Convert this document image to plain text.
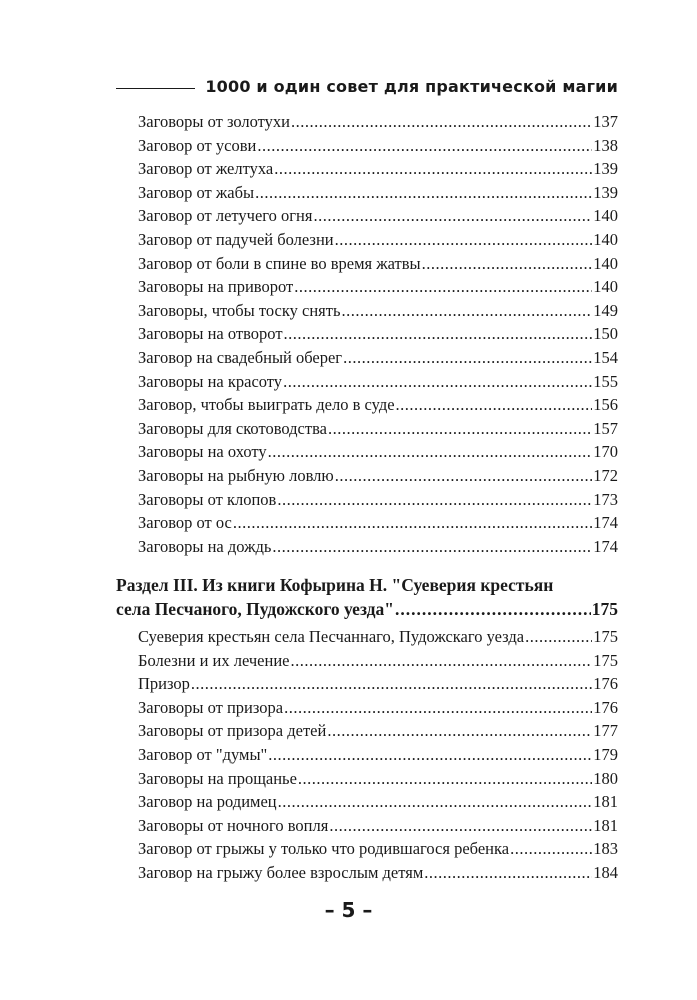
1000 и один совет для практической магии
Заговоры от золотухи .....	137
Заговор от усови .....	138
Заговор от желтуха .....	139
Заговор от жабы .....	139
Заговор от летучего огня .....	140
Заговор от падучей болезни .....	140
Заговор от боли в спине во время жатвы .....	140
Заговоры на приворот .....	140
Заговоры, чтобы тоску снять .....	149
Заговоры на отворот .....	150
Заговор на свадебный оберег .....	154
Заговоры на красоту .....	155
Заговор, чтобы выиграть дело в суде .....	156
Заговоры для скотоводства .....	157
Заговоры на охоту .....	170
Заговоры на рыбную ловлю .....	172
Заговоры от клопов .....	173
Заговор от ос .....	174
Заговоры на дождь .....	174
Раздел III. Из книги Кофырина Н. "Суеверия крестьян
села Песчаного, Пудожского уезда" .....	175
Суеверия крестьян села Песчаннаго, Пудожскаго уезда .....	175
Болезни и их лечение .....	175
Призор .....	176
Заговоры от призора .....	176
Заговоры от призора детей .....	177
Заговор от "думы" .....	179
Заговоры на прощанье .....	180
Заговор на родимец .....	181
Заговоры от ночного вопля .....	181
Заговор от грыжы у только что родившагося ребенка .....	183
Заговор на грыжу более взрослым детям .....	184
– 5 –
